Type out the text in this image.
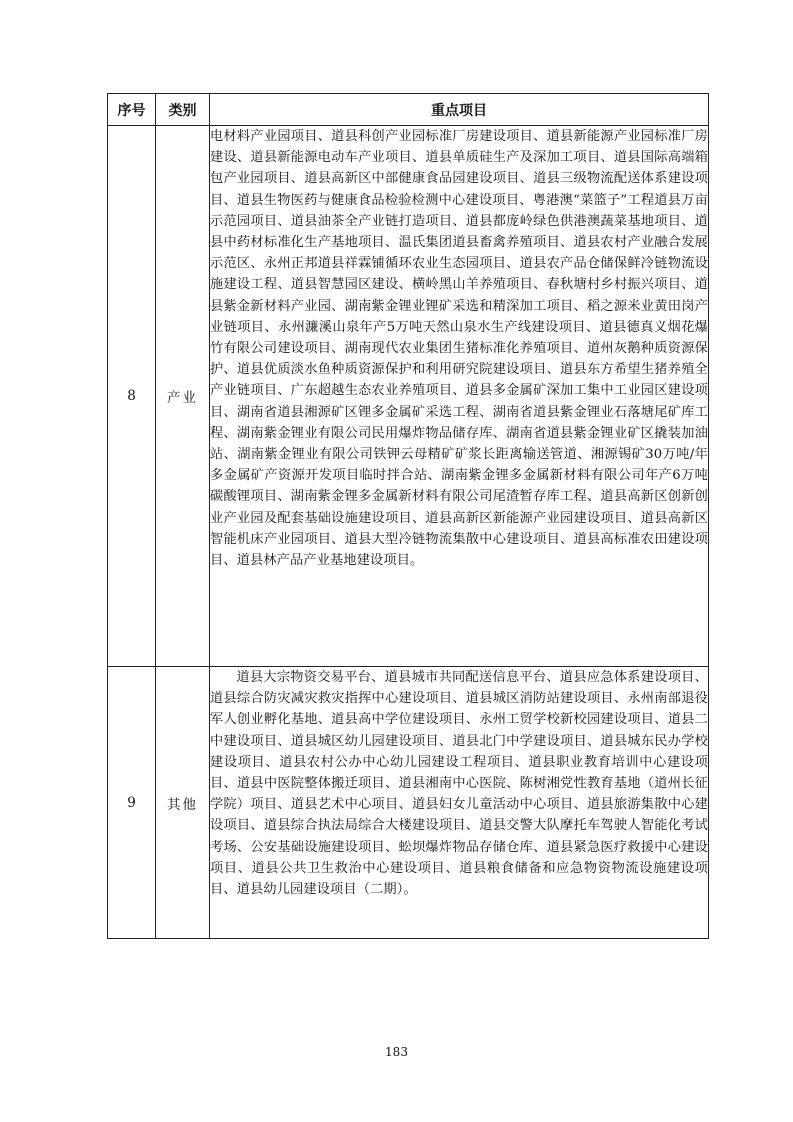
序号	类别	重点项目
8	产业	电材料产业园项目、道县科创产业园标准厂房建设项目、道县新能源产业园标准厂房建设、道县新能源电动车产业项目、道县单质硅生产及深加工项目、道县国际高端箱包产业园项目、道县高新区中部健康食品园建设项目、道县三级物流配送体系建设项目、道县生物医药与健康食品检验检测中心建设项目、粤港澳“菜篮子”工程道县万亩示范园项目、道县油茶全产业链打造项目、道县都庞岭绿色供港澳蔬菜基地项目、道县中药材标准化生产基地项目、温氏集团道县畜禽养殖项目、道县农村产业融合发展示范区、永州正邦道县祥霖铺循环农业生态园项目、道县农产品仓储保鲜冷链物流设施建设工程、道县智慧园区建设、横岭黑山羊养殖项目、春秋塘村乡村振兴项目、道县紫金新材料产业园、湖南紫金锂业锂矿采选和精深加工项目、稻之源米业黄田岗产业链项目、永州濂溪山泉年产5万吨天然山泉水生产线建设项目、道县德真义烟花爆竹有限公司建设项目、湖南现代农业集团生猪标准化养殖项目、道州灰鹅种质资源保护、道县优质淡水鱼种质资源保护和利用研究院建设项目、道县东方希望生猪养殖全产业链项目、广东超越生态农业养殖项目、道县多金属矿深加工集中工业园区建设项目、湖南省道县湘源矿区锂多金属矿采选工程、湖南省道县紫金锂业石落塘尾矿库工程、湖南紫金锂业有限公司民用爆炸物品储存库、湖南省道县紫金锂业矿区撬装加油站、湖南紫金锂业有限公司铁钾云母精矿矿浆长距离输送管道、湘源锡矿30万吨/年多金属矿产资源开发项目临时拌合站、湖南紫金锂多金属新材料有限公司年产6万吨碳酸锂项目、湖南紫金锂多金属新材料有限公司尾渣暂存库工程、道县高新区创新创业产业园及配套基础设施建设项目、道县高新区新能源产业园建设项目、道县高新区智能机床产业园项目、道县大型冷链物流集散中心建设项目、道县高标准农田建设项目、道县林产品产业基地建设项目。
9	其他	道县大宗物资交易平台、道县城市共同配送信息平台、道县应急体系建设项目、道县综合防灾减灾救灾指挥中心建设项目、道县城区消防站建设项目、永州南部退役军人创业孵化基地、道县高中学位建设项目、永州工贸学校新校园建设项目、道县二中建设项目、道县城区幼儿园建设项目、道县北门中学建设项目、道县城东民办学校建设项目、道县农村公办中心幼儿园建设工程项目、道县职业教育培训中心建设项目、道县中医院整体搬迁项目、道县湘南中心医院、陈树湘党性教育基地（道州长征学院）项目、道县艺术中心项目、道县妇女儿童活动中心项目、道县旅游集散中心建设项目、道县综合执法局综合大楼建设项目、道县交警大队摩托车驾驶人智能化考试考场、公安基础设施建设项目、蚣坝爆炸物品存储仓库、道县紧急医疗救援中心建设项目、道县公共卫生救治中心建设项目、道县粮食储备和应急物资物流设施建设项目、道县幼儿园建设项目（二期）。
183
